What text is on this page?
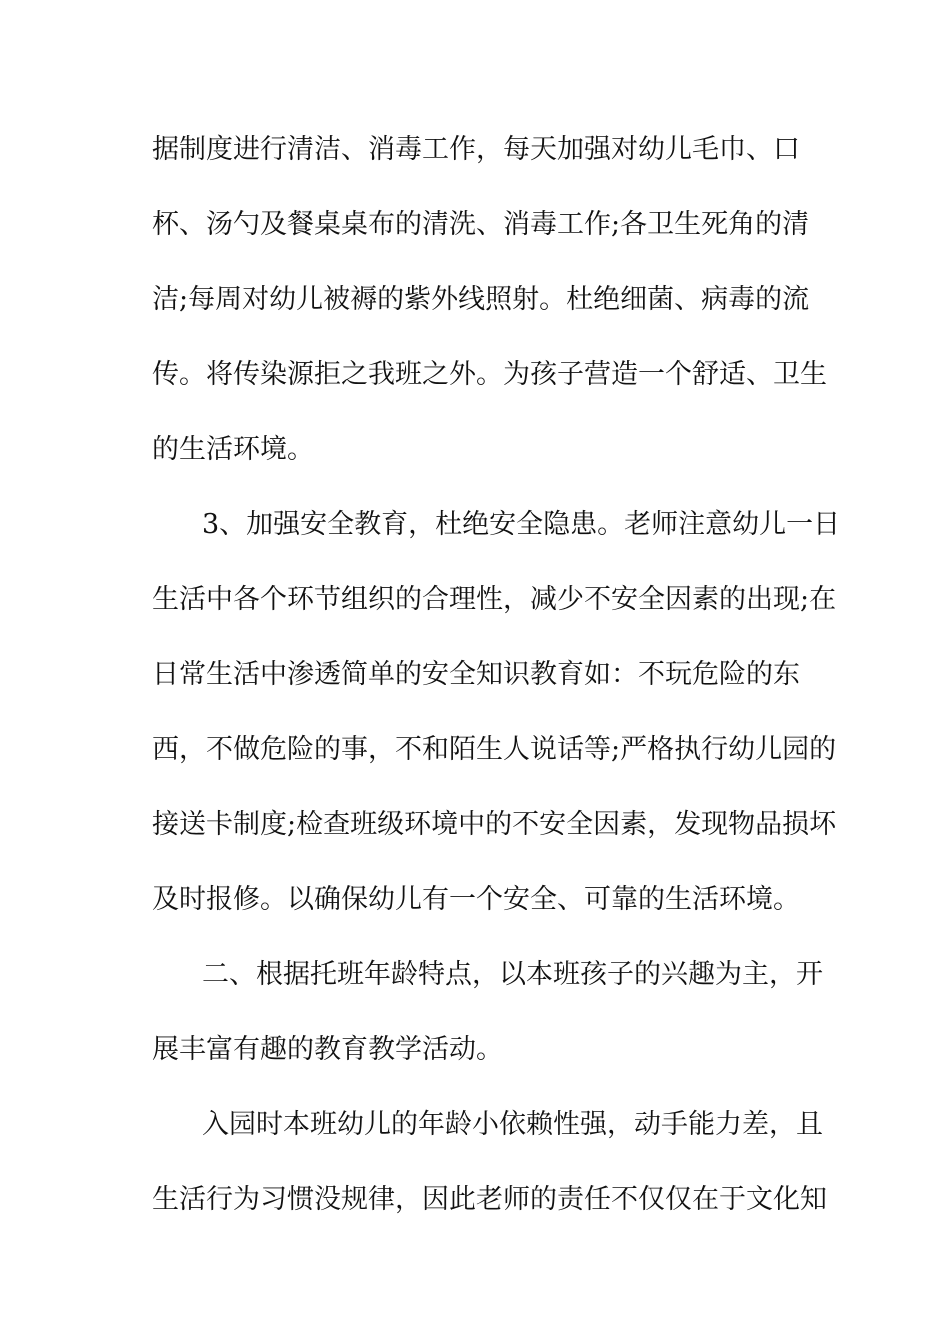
据制度进行清洁、消毒工作，每天加强对幼儿毛巾、口
杯、汤勺及餐桌桌布的清洗、消毒工作;各卫生死角的清
洁;每周对幼儿被褥的紫外线照射。杜绝细菌、病毒的流
传。将传染源拒之我班之外。为孩子营造一个舒适、卫生
的生活环境。
3、加强安全教育，杜绝安全隐患。老师注意幼儿一日
生活中各个环节组织的合理性，减少不安全因素的出现;在
日常生活中渗透简单的安全知识教育如：不玩危险的东
西，不做危险的事，不和陌生人说话等;严格执行幼儿园的
接送卡制度;检查班级环境中的不安全因素，发现物品损坏
及时报修。以确保幼儿有一个安全、可靠的生活环境。
二、根据托班年龄特点，以本班孩子的兴趣为主，开
展丰富有趣的教育教学活动。
入园时本班幼儿的年龄小依赖性强，动手能力差，且
生活行为习惯没规律，因此老师的责任不仅仅在于文化知
